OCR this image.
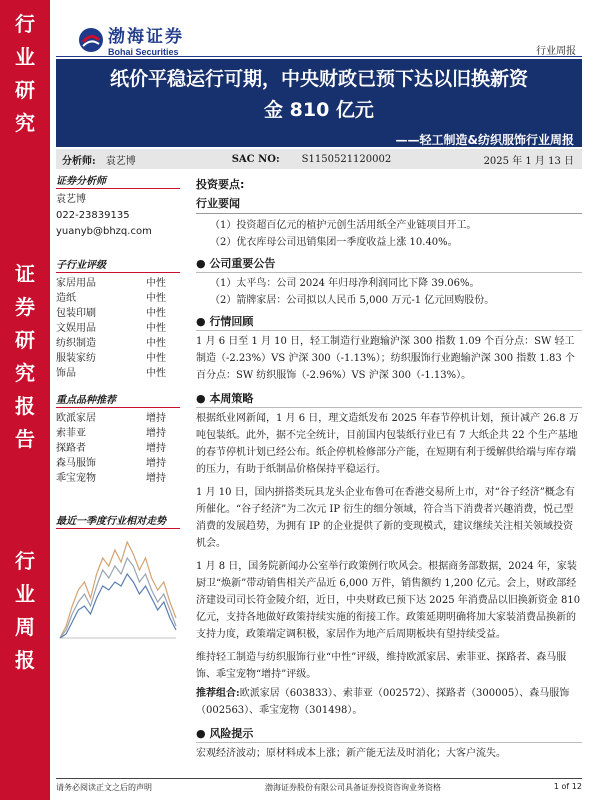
行
业
研
究
证
券
研
究
报
告
行
业
周
报
渤海证券
Bohai Securities	行业周报
纸价平稳运行可期，中央财政已预下达以旧换新资
金 810 亿元
——轻工制造&纺织服饰行业周报
分析师: 袁艺博	SAC NO: S1150521120002	2025 年 1 月 13 日
证券分析师

袁艺博

022-23839135

yuanyb@bhzq.com

子行业评级
家居用品	中性
造纸	中性
包装印刷	中性
文娱用品	中性
纺织制造	中性
服装家纺	中性
饰品	中性
重点品种推荐
欧派家居	增持
索菲亚	增持
探路者	增持
森马服饰	增持
乖宝宠物	增持
最近一季度行业相对走势
投资要点:
行业要闻
（1）投资超百亿元的植护元创生活用纸全产业链项目开工。
（2）优衣库母公司迅销集团一季度收益上涨 10.40%。
● 公司重要公告
（1）太平鸟：公司 2024 年归母净利润同比下降 39.06%。
（2）箭牌家居：公司拟以人民币 5,000 万元-1 亿元回购股份。
● 行情回顾
1 月 6 日至 1 月 10 日，轻工制造行业跑输沪深 300 指数 1.09 个百分点：SW 轻工制造（-2.23%）VS 沪深 300（-1.13%）；纺织服饰行业跑输沪深 300 指数 1.83 个百分点：SW 纺织服饰（-2.96%）VS 沪深 300（-1.13%）。
● 本周策略
根据纸业网新闻，1 月 6 日，理文造纸发布 2025 年春节停机计划，预计减产 26.8 万吨包装纸。此外，据不完全统计，目前国内包装纸行业已有 7 大纸企共 22 个生产基地的春节停机计划已经公布。纸企停机检修部分产能，在短期有利于缓解供给端与库存端的压力，有助于纸制品价格保持平稳运行。
1 月 10 日，国内拼搭类玩具龙头企业布鲁可在香港交易所上市，对“谷子经济”概念有所催化。“谷子经济”为二次元 IP 衍生的细分领域，符合当下消费者兴趣消费，悦己型消费的发展趋势，为拥有 IP 的企业提供了新的变现模式，建议继续关注相关领域投资机会。
1 月 8 日，国务院新闻办公室举行政策例行吹风会。根据商务部数据，2024 年，家装厨卫“焕新”带动销售相关产品近 6,000 万件，销售额约 1,200 亿元。会上，财政部经济建设司司长符金陵介绍，近日，中央财政已预下达 2025 年消费品以旧换新资金 810 亿元，支持各地做好政策持续实施的衔接工作。政策延期明确将加大家装消费品换新的支持力度，政策端定调积极，家居作为地产后周期板块有望持续受益。
维持轻工制造与纺织服饰行业“中性”评级，维持欧派家居、索菲亚、探路者、森马服饰、乖宝宠物“增持”评级。
推荐组合:欧派家居（603833）、索菲亚（002572）、探路者（300005）、森马服饰（002563）、乖宝宠物（301498）。
● 风险提示
宏观经济波动；原材料成本上涨；新产能无法及时消化；大客户流失。
请务必阅读正文之后的声明	渤海证券股份有限公司具备证券投资咨询业务资格	1 of 12
